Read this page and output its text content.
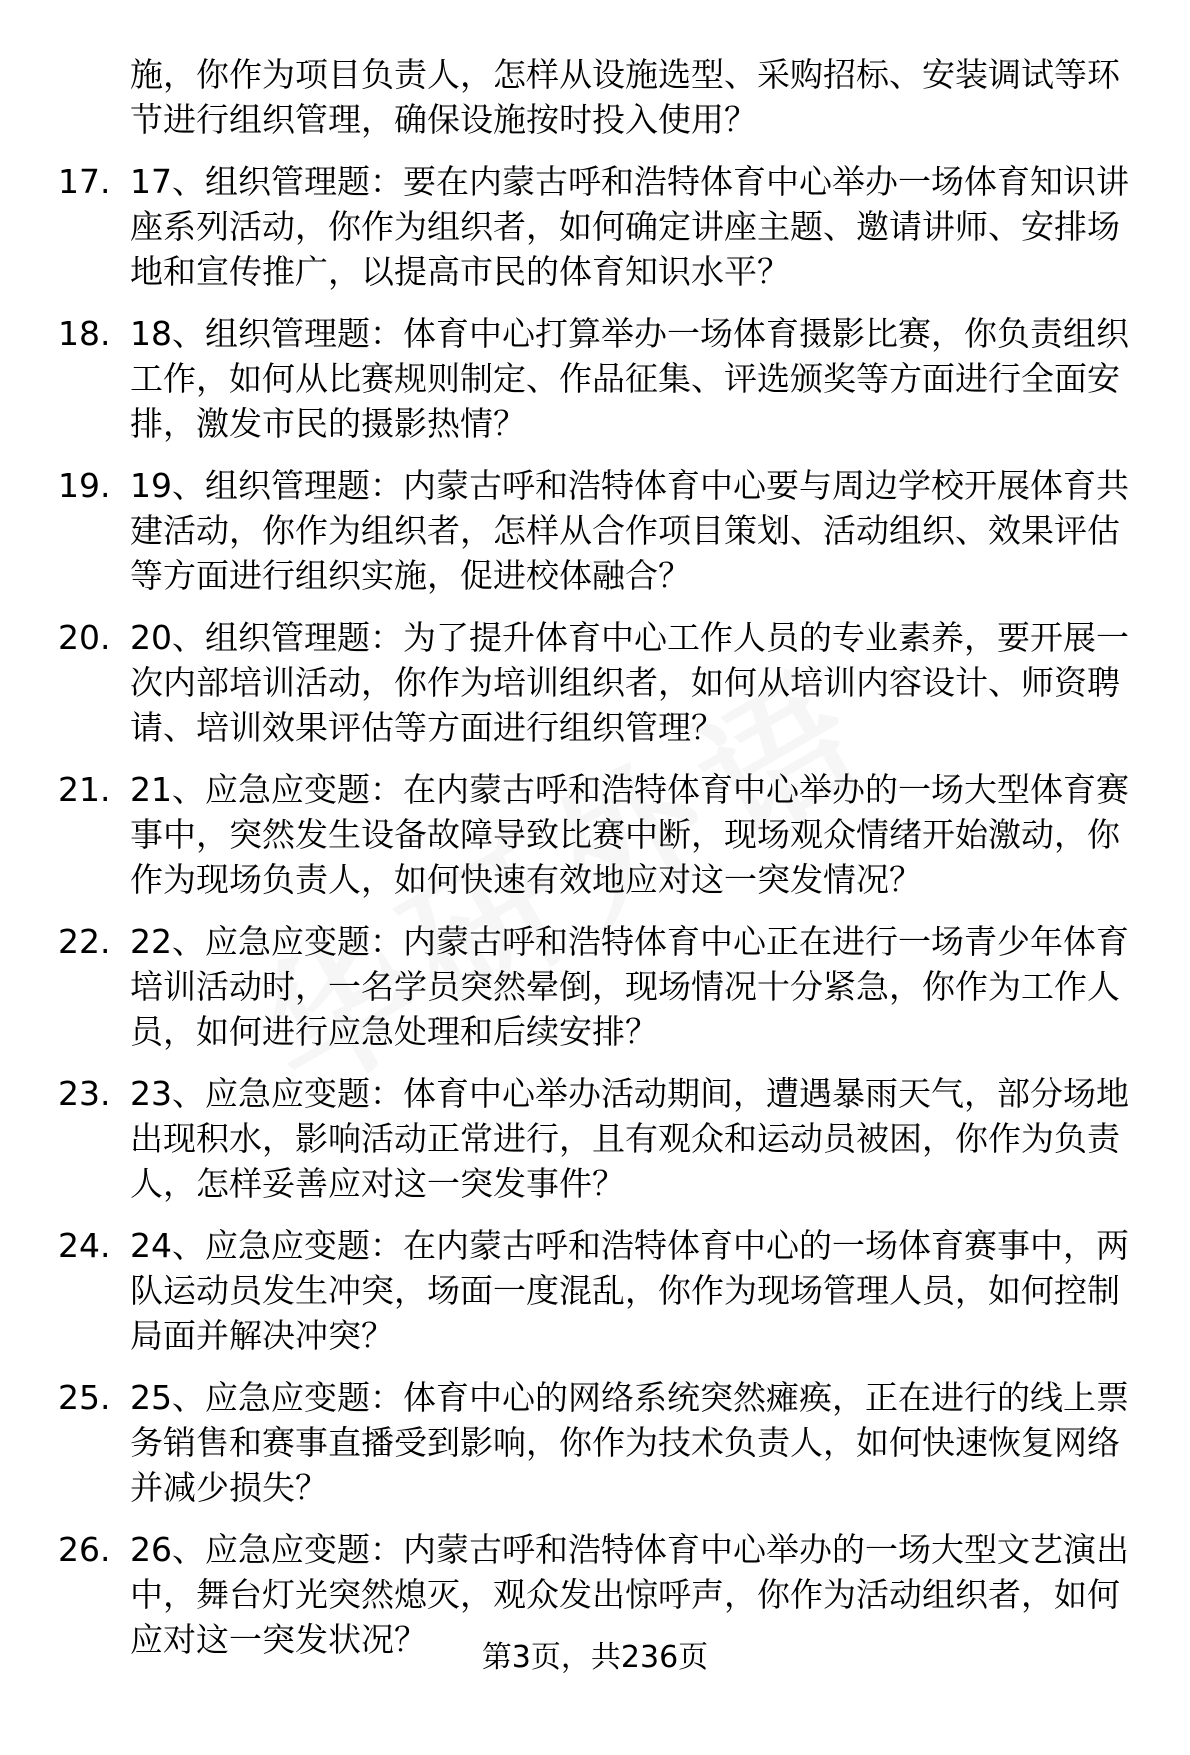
施，你作为项目负责人，怎样从设施选型、采购招标、安装调试等环节进行组织管理，确保设施按时投入使用？
17. 17、组织管理题：要在内蒙古呼和浩特体育中心举办一场体育知识讲座系列活动，你作为组织者，如何确定讲座主题、邀请讲师、安排场地和宣传推广，以提高市民的体育知识水平？
18. 18、组织管理题：体育中心打算举办一场体育摄影比赛，你负责组织工作，如何从比赛规则制定、作品征集、评选颁奖等方面进行全面安排，激发市民的摄影热情？
19. 19、组织管理题：内蒙古呼和浩特体育中心要与周边学校开展体育共建活动，你作为组织者，怎样从合作项目策划、活动组织、效果评估等方面进行组织实施，促进校体融合？
20. 20、组织管理题：为了提升体育中心工作人员的专业素养，要开展一次内部培训活动，你作为培训组织者，如何从培训内容设计、师资聘请、培训效果评估等方面进行组织管理？
21. 21、应急应变题：在内蒙古呼和浩特体育中心举办的一场大型体育赛事中，突然发生设备故障导致比赛中断，现场观众情绪开始激动，你作为现场负责人，如何快速有效地应对这一突发情况？
22. 22、应急应变题：内蒙古呼和浩特体育中心正在进行一场青少年体育培训活动时，一名学员突然晕倒，现场情况十分紧急，你作为工作人员，如何进行应急处理和后续安排？
23. 23、应急应变题：体育中心举办活动期间，遭遇暴雨天气，部分场地出现积水，影响活动正常进行，且有观众和运动员被困，你作为负责人，怎样妥善应对这一突发事件？
24. 24、应急应变题：在内蒙古呼和浩特体育中心的一场体育赛事中，两队运动员发生冲突，场面一度混乱，你作为现场管理人员，如何控制局面并解决冲突？
25. 25、应急应变题：体育中心的网络系统突然瘫痪，正在进行的线上票务销售和赛事直播受到影响，你作为技术负责人，如何快速恢复网络并减少损失？
26. 26、应急应变题：内蒙古呼和浩特体育中心举办的一场大型文艺演出中，舞台灯光突然熄灭，观众发出惊呼声，你作为活动组织者，如何应对这一突发状况？	第3页，共236页
